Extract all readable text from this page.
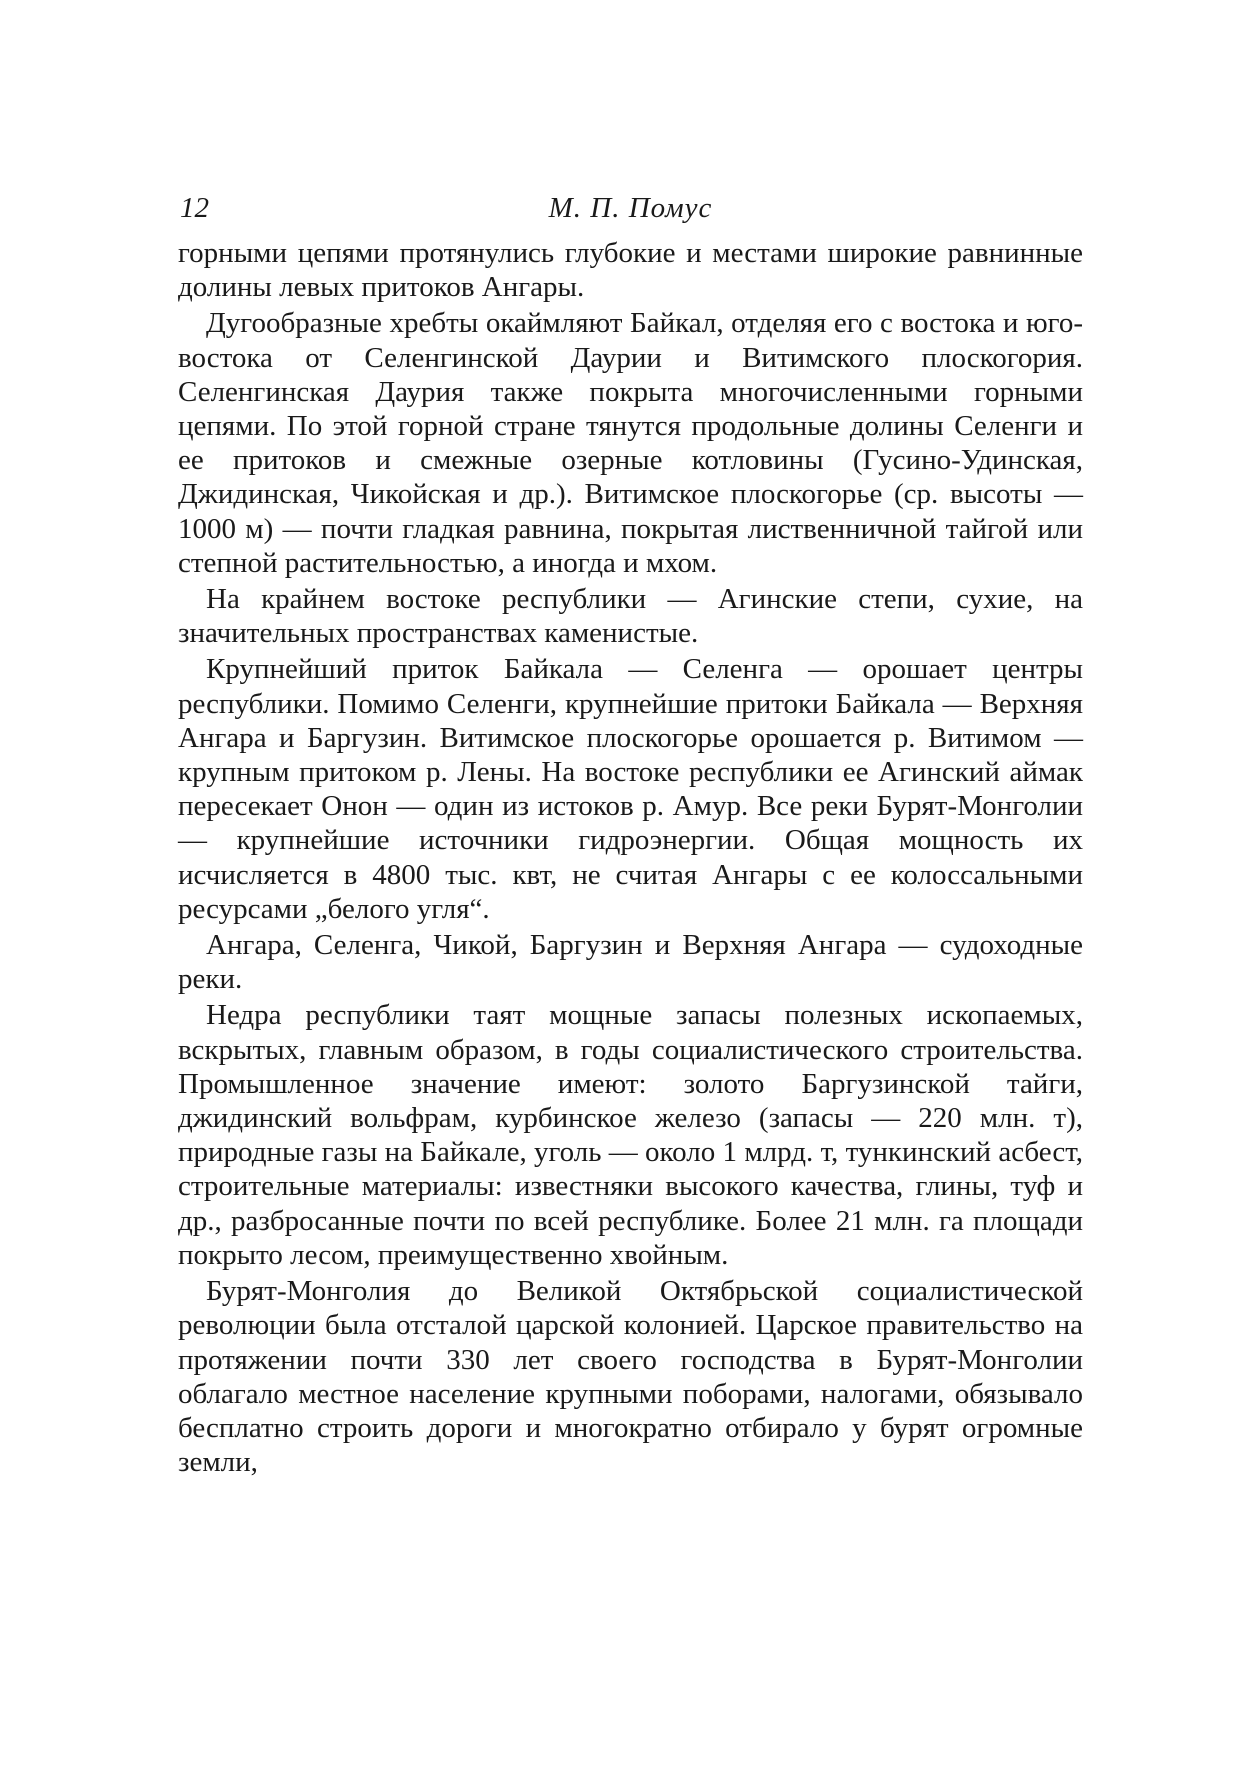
12	М. П. Помус

горными цепями протянулись глубокие и местами широкие равнинные долины левых притоков Ангары.

Дугообразные хребты окаймляют Байкал, отделяя его с востока и юго-востока от Селенгинской Даурии и Витимского плоскогория. Селенгинская Даурия также покрыта многочисленными горными цепями. По этой горной стране тянутся продольные долины Селенги и ее притоков и смежные озерные котловины (Гусино-Удинская, Джидинская, Чикойская и др.). Витимское плоскогорье (ср. высоты — 1000 м) — почти гладкая равнина, покрытая лиственничной тайгой или степной растительностью, а иногда и мхом.

На крайнем востоке республики — Агинские степи, сухие, на значительных пространствах каменистые.

Крупнейший приток Байкала — Селенга — орошает центры республики. Помимо Селенги, крупнейшие притоки Байкала — Верхняя Ангара и Баргузин. Витимское плоскогорье орошается р. Витимом — крупным притоком р. Лены. На востоке республики ее Агинский аймак пересекает Онон — один из истоков р. Амур. Все реки Бурят-Монголии — крупнейшие источники гидроэнергии. Общая мощность их исчисляется в 4800 тыс. квт, не считая Ангары с ее колоссальными ресурсами „белого угля“.

Ангара, Селенга, Чикой, Баргузин и Верхняя Ангара — судоходные реки.

Недра республики таят мощные запасы полезных ископаемых, вскрытых, главным образом, в годы социалистического строительства. Промышленное значение имеют: золото Баргузинской тайги, джидинский вольфрам, курбинское железо (запасы — 220 млн. т), природные газы на Байкале, уголь — около 1 млрд. т, тункинский асбест, строительные материалы: известняки высокого качества, глины, туф и др., разбросанные почти по всей республике. Более 21 млн. га площади покрыто лесом, преимущественно хвойным.

Бурят-Монголия до Великой Октябрьской социалистической революции была отсталой царской колонией. Царское правительство на протяжении почти 330 лет своего господства в Бурят-Монголии облагало местное население крупными поборами, налогами, обязывало бесплатно строить дороги и многократно отбирало у бурят огромные земли,
